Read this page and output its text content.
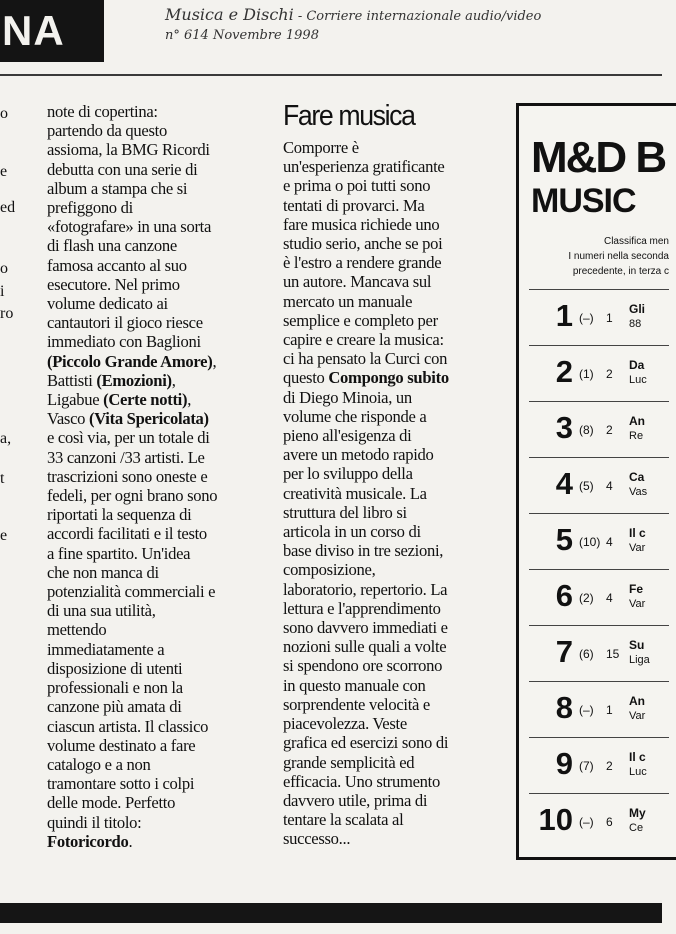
NA	Musica e Dischi - Corriere internazionale audio/video
n° 614 Novembre 1998
o
e
ed
o
i
ro
a,
t
e

note di copertina:

partendo da questo

assioma, la BMG Ricordi

debutta con una serie di

album a stampa che si

prefiggono di

«fotografare» in una sorta

di flash una canzone

famosa accanto al suo

esecutore. Nel primo

volume dedicato ai

cantautori il gioco riesce

immediato con Baglioni

(Piccolo Grande Amore),

Battisti (Emozioni),

Ligabue (Certe notti),

Vasco (Vita Spericolata)

e così via, per un totale di

33 canzoni /33 artisti. Le

trascrizioni sono oneste e

fedeli, per ogni brano sono

riportati la sequenza di

accordi facilitati e il testo

a fine spartito. Un'idea

che non manca di

potenzialità commerciali e

di una sua utilità,

mettendo

immediatamente a

disposizione di utenti

professionali e non la

canzone più amata di

ciascun artista. Il classico

volume destinato a fare

catalogo e a non

tramontare sotto i colpi

delle mode. Perfetto

quindi il titolo:

Fotoricordo.

Fare musica

Comporre è

un'esperienza gratificante

e prima o poi tutti sono

tentati di provarci. Ma

fare musica richiede uno

studio serio, anche se poi

è l'estro a rendere grande

un autore. Mancava sul

mercato un manuale

semplice e completo per

capire e creare la musica:

ci ha pensato la Curci con

questo Compongo subito

di Diego Minoia, un

volume che risponde a

pieno all'esigenza di

avere un metodo rapido

per lo sviluppo della

creatività musicale. La

struttura del libro si

articola in un corso di

base diviso in tre sezioni,

composizione,

laboratorio, repertorio. La

lettura e l'apprendimento

sono davvero immediati e

nozioni sulle quali a volte

si spendono ore scorrono

in questo manuale con

sorprendente velocità e

piacevolezza. Veste

grafica ed esercizi sono di

grande semplicità ed

efficacia. Uno strumento

davvero utile, prima di

tentare la scalata al

successo...

M&D B
MUSIC
Classifica men
I numeri nella seconda
precedente, in terza c
1 (–) 1
Gli
88
2 (1) 2
Da
Luc
3 (8) 2
An
Re
4 (5) 4
Ca
Vas
5 (10) 4
Il c
Var
6 (2) 4
Fe
Var
7 (6) 15
Su
Liga
8 (–) 1
An
Var
9 (7) 2
Il c
Luc
10 (–) 6
My
Ce
